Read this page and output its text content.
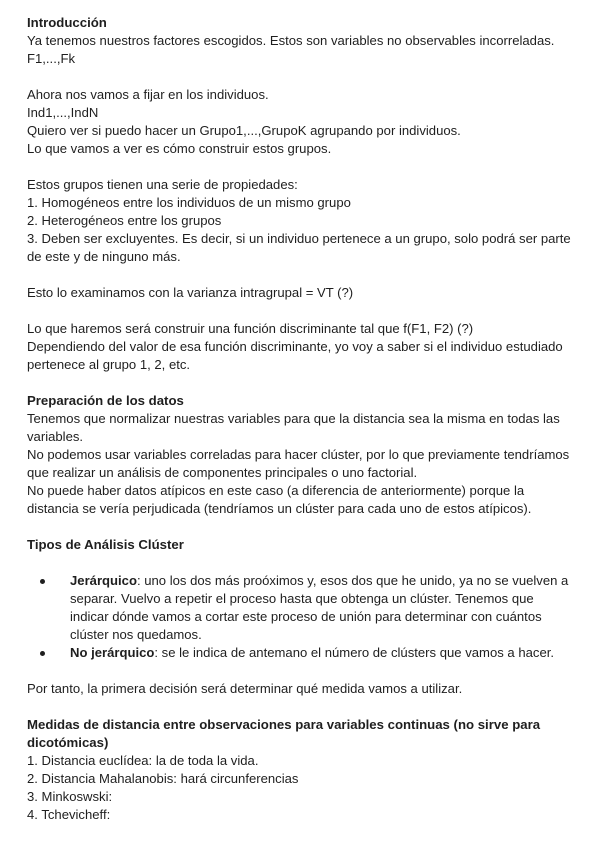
Introducción

Ya tenemos nuestros factores escogidos. Estos son variables no observables incorreladas.

F1,...,Fk

Ahora nos vamos a fijar en los individuos.

Ind1,...,IndN

Quiero ver si puedo hacer un Grupo1,...,GrupoK agrupando por individuos.

Lo que vamos a ver es cómo construir estos grupos.

Estos grupos tienen una serie de propiedades:

1. Homogéneos entre los individuos de un mismo grupo

2. Heterogéneos entre los grupos

3. Deben ser excluyentes. Es decir, si un individuo pertenece a un grupo, solo podrá ser parte de este y de ninguno más.

Esto lo examinamos con la varianza intragrupal = VT (?)

Lo que haremos será construir una función discriminante tal que f(F1, F2) (?)

Dependiendo del valor de esa función discriminante, yo voy a saber si el individuo estudiado pertenece al grupo 1, 2, etc.

Preparación de los datos

Tenemos que normalizar nuestras variables para que la distancia sea la misma en todas las variables.

No podemos usar variables correladas para hacer clúster, por lo que previamente tendríamos que realizar un análisis de componentes principales o uno factorial.

No puede haber datos atípicos en este caso (a diferencia de anteriormente) porque la distancia se vería perjudicada (tendríamos un clúster para cada uno de estos atípicos).

Tipos de Análisis Clúster
Jerárquico: uno los dos más proóximos y, esos dos que he unido, ya no se vuelven a separar. Vuelvo a repetir el proceso hasta que obtenga un clúster. Tenemos que indicar dónde vamos a cortar este proceso de unión para determinar con cuántos clúster nos quedamos.
No jerárquico: se le indica de antemano el número de clústers que vamos a hacer.

Por tanto, la primera decisión será determinar qué medida vamos a utilizar.

Medidas de distancia entre observaciones para variables continuas (no sirve para dicotómicas)

1. Distancia euclídea: la de toda la vida.

2. Distancia Mahalanobis: hará circunferencias

3. Minkoswski:

4. Tchevicheff:
